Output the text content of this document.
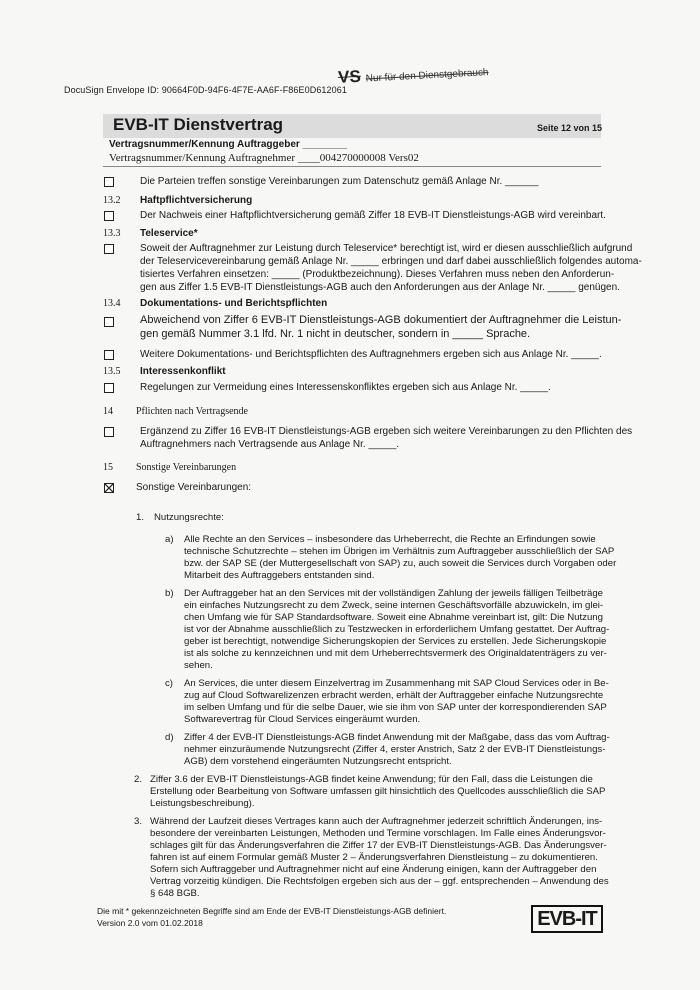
DocuSign Envelope ID: 90664F0D-94F6-4F7E-AA6F-F86E0D612061
VS Nur für den Dienstgebrauch
EVB-IT Dienstvertrag	Seite 12 von 15
Vertragsnummer/Kennung Auftraggeber ________
Vertragsnummer/Kennung Auftragnehmer ____004270000008 Vers02
Die Parteien treffen sonstige Vereinbarungen zum Datenschutz gemäß Anlage Nr. ______
13.2 Haftpflichtversicherung
Der Nachweis einer Haftpflichtversicherung gemäß Ziffer 18 EVB-IT Dienstleistungs-AGB wird vereinbart.
13.3 Teleservice*
Soweit der Auftragnehmer zur Leistung durch Teleservice* berechtigt ist, wird er diesen ausschließlich aufgrund
der Teleservicevereinbarung gemäß Anlage Nr. _____ erbringen und darf dabei ausschließlich folgendes automa-
tisiertes Verfahren einsetzen: _____ (Produktbezeichnung). Dieses Verfahren muss neben den Anforderun-
gen aus Ziffer 1.5 EVB-IT Dienstleistungs-AGB auch den Anforderungen aus der Anlage Nr. _____ genügen.
13.4 Dokumentations- und Berichtspflichten
Abweichend von Ziffer 6 EVB-IT Dienstleistungs-AGB dokumentiert der Auftragnehmer die Leistun-
gen gemäß Nummer 3.1 lfd. Nr. 1 nicht in deutscher, sondern in _____ Sprache.
Weitere Dokumentations- und Berichtspflichten des Auftragnehmers ergeben sich aus Anlage Nr. _____.
13.5 Interessenkonflikt
Regelungen zur Vermeidung eines Interessenskonfliktes ergeben sich aus Anlage Nr. _____.
14 Pflichten nach Vertragsende
Ergänzend zu Ziffer 16 EVB-IT Dienstleistungs-AGB ergeben sich weitere Vereinbarungen zu den Pflichten des
Auftragnehmers nach Vertragsende aus Anlage Nr. _____.
15 Sonstige Vereinbarungen
Sonstige Vereinbarungen:
1. Nutzungsrechte:
a) Alle Rechte an den Services – insbesondere das Urheberrecht, die Rechte an Erfindungen sowie
technische Schutzrechte – stehen im Übrigen im Verhältnis zum Auftraggeber ausschließlich der SAP
bzw. der SAP SE (der Muttergesellschaft von SAP) zu, auch soweit die Services durch Vorgaben oder
Mitarbeit des Auftraggebers entstanden sind.
b) Der Auftraggeber hat an den Services mit der vollständigen Zahlung der jeweils fälligen Teilbeträge
ein einfaches Nutzungsrecht zu dem Zweck, seine internen Geschäftsvorfälle abzuwickeln, im glei-
chen Umfang wie für SAP Standardsoftware. Soweit eine Abnahme vereinbart ist, gilt: Die Nutzung
ist vor der Abnahme ausschließlich zu Testzwecken in erforderlichem Umfang gestattet. Der Auftrag-
geber ist berechtigt, notwendige Sicherungskopien der Services zu erstellen. Jede Sicherungskopie
ist als solche zu kennzeichnen und mit dem Urheberrechtsvermerk des Originaldatenträgers zu ver-
sehen.
c) An Services, die unter diesem Einzelvertrag im Zusammenhang mit SAP Cloud Services oder in Be-
zug auf Cloud Softwarelizenzen erbracht werden, erhält der Auftraggeber einfache Nutzungsrechte
im selben Umfang und für die selbe Dauer, wie sie ihm von SAP unter der korrespondierenden SAP
Softwarevertrag für Cloud Services eingeräumt wurden.
d) Ziffer 4 der EVB-IT Dienstleistungs-AGB findet Anwendung mit der Maßgabe, dass das vom Auftrag-
nehmer einzuräumende Nutzungsrecht (Ziffer 4, erster Anstrich, Satz 2 der EVB-IT Dienstleistungs-
AGB) dem vorstehend eingeräumten Nutzungsrecht entspricht.
2. Ziffer 3.6 der EVB-IT Dienstleistungs-AGB findet keine Anwendung; für den Fall, dass die Leistungen die
Erstellung oder Bearbeitung von Software umfassen gilt hinsichtlich des Quellcodes ausschließlich die SAP
Leistungsbeschreibung).
3. Während der Laufzeit dieses Vertrages kann auch der Auftragnehmer jederzeit schriftlich Änderungen, ins-
besondere der vereinbarten Leistungen, Methoden und Termine vorschlagen. Im Falle eines Änderungsvor-
schlages gilt für das Änderungsverfahren die Ziffer 17 der EVB-IT Dienstleistungs-AGB. Das Änderungsver-
fahren ist auf einem Formular gemäß Muster 2 – Änderungsverfahren Dienstleistung – zu dokumentieren.
Sofern sich Auftraggeber und Auftragnehmer nicht auf eine Änderung einigen, kann der Auftraggeber den
Vertrag vorzeitig kündigen. Die Rechtsfolgen ergeben sich aus der – ggf. entsprechenden – Anwendung des
§ 648 BGB.
Die mit * gekennzeichneten Begriffe sind am Ende der EVB-IT Dienstleistungs-AGB definiert.
Version 2.0 vom 01.02.2018	EVB-IT
